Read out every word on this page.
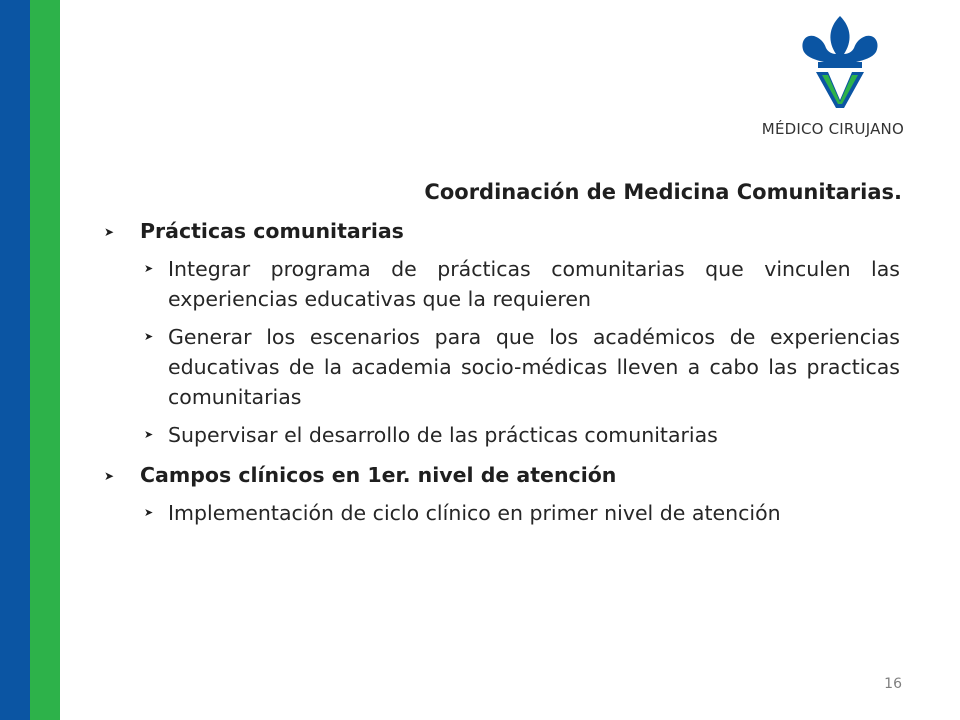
MÉDICO CIRUJANO
Coordinación de Medicina Comunitarias.
➤	Prácticas comunitarias
➤ Integrar programa de prácticas comunitarias que vinculen las experiencias educativas que la requieren
➤ Generar los escenarios para que los académicos de experiencias educativas de la academia socio-médicas lleven a cabo las practicas comunitarias
➤ Supervisar el desarrollo de las prácticas comunitarias
➤	Campos clínicos en 1er. nivel de atención
➤ Implementación de ciclo clínico en primer nivel de atención
16
